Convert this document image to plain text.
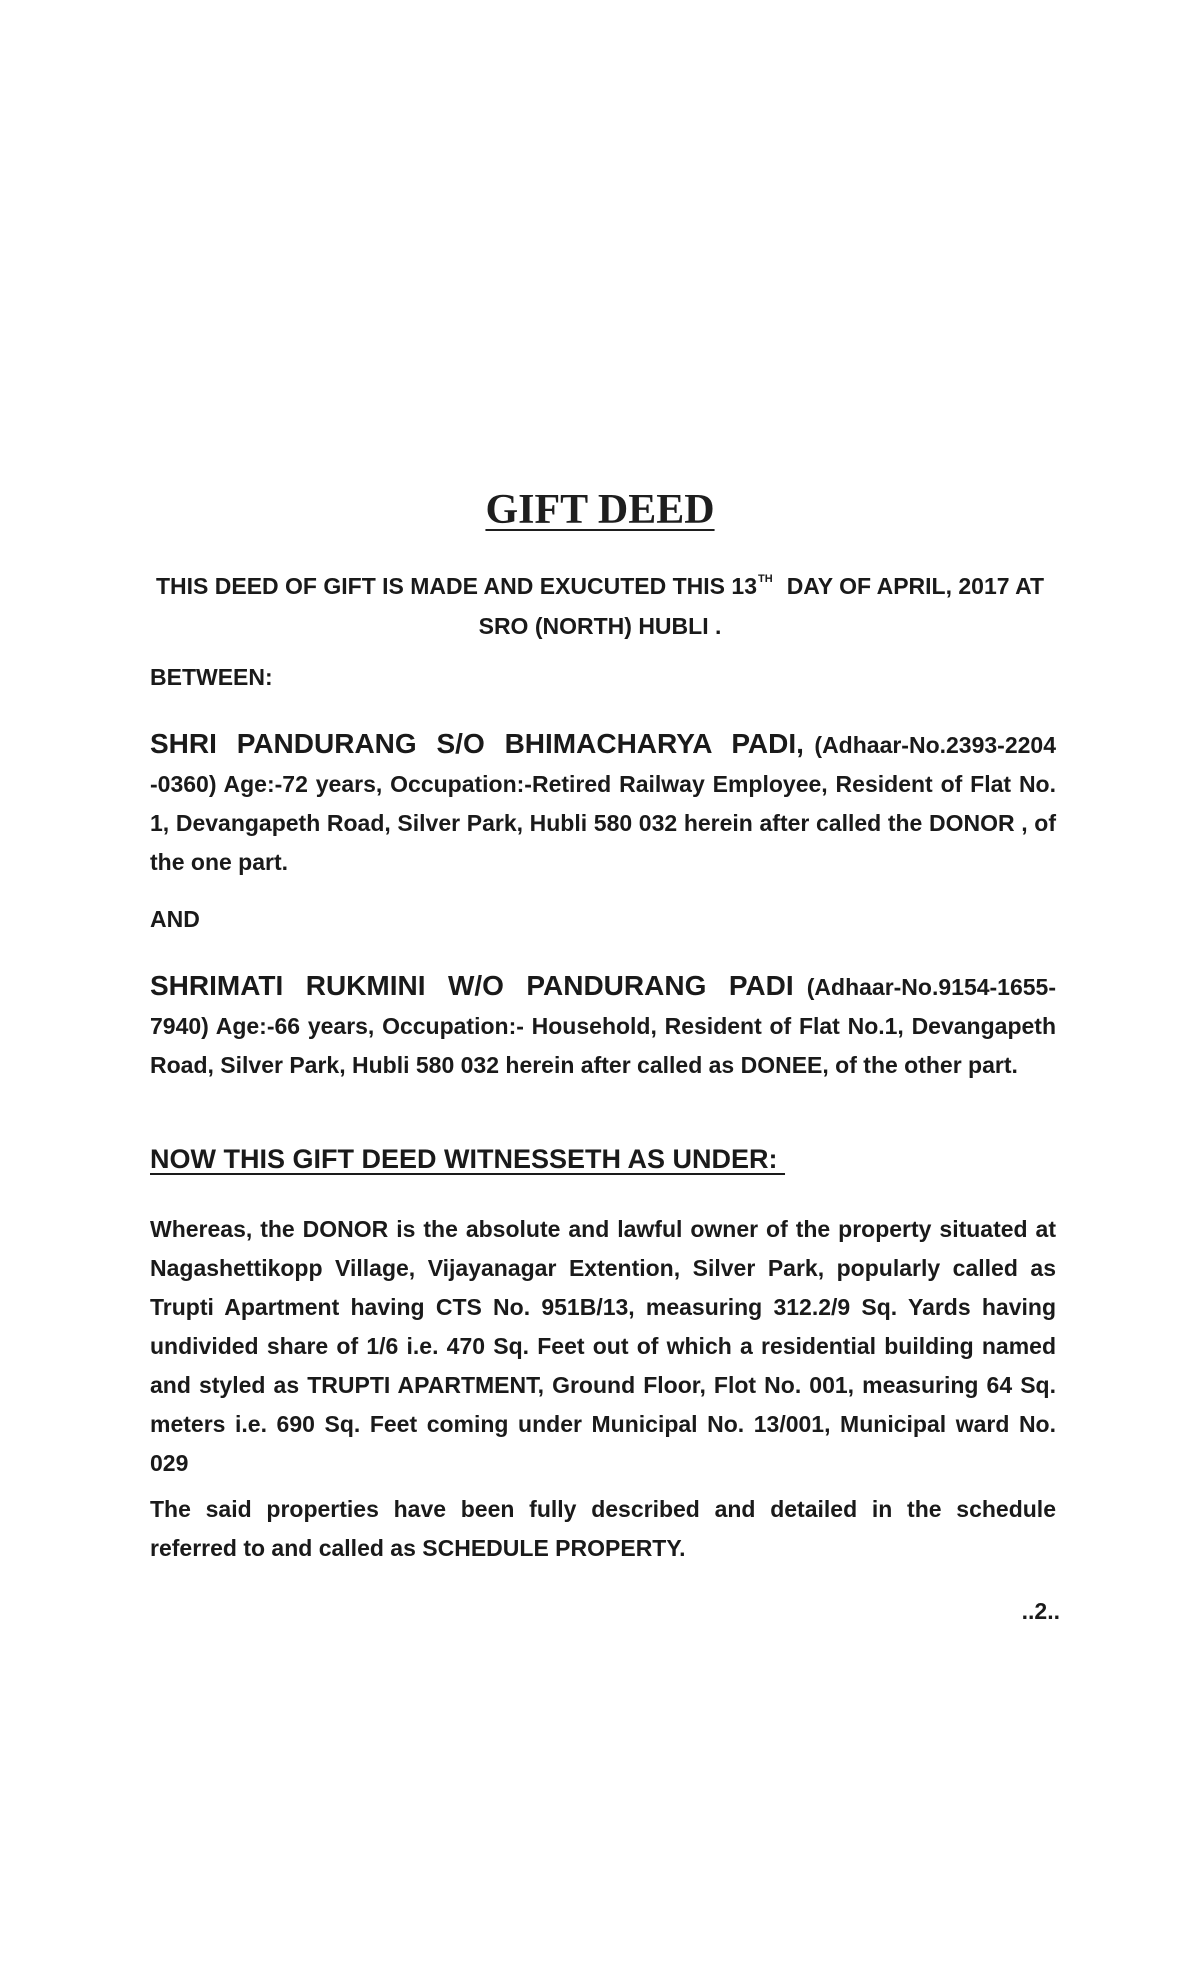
GIFT DEED
THIS DEED OF GIFT IS MADE AND EXUCUTED THIS 13TH DAY OF APRIL, 2017 AT
SRO (NORTH) HUBLI .
BETWEEN:
SHRI PANDURANG S/O BHIMACHARYA PADI, (Adhaar-No.2393-2204 -0360) Age:-72 years, Occupation:-Retired Railway Employee, Resident of Flat No. 1, Devangapeth Road, Silver Park, Hubli 580 032 herein after called the DONOR , of the one part.
AND
SHRIMATI RUKMINI W/O PANDURANG PADI (Adhaar-No.9154-1655-7940) Age:-66 years, Occupation:- Household, Resident of Flat No.1, Devangapeth Road, Silver Park, Hubli 580 032 herein after called as DONEE, of the other part.
NOW THIS GIFT DEED WITNESSETH AS UNDER:
Whereas, the DONOR is the absolute and lawful owner of the property situated at Nagashettikopp Village, Vijayanagar Extention, Silver Park, popularly called as Trupti Apartment having CTS No. 951B/13, measuring 312.2/9 Sq. Yards having undivided share of 1/6 i.e. 470 Sq. Feet out of which a residential building named and styled as TRUPTI APARTMENT, Ground Floor, Flot No. 001, measuring 64 Sq. meters i.e. 690 Sq. Feet coming under Municipal No. 13/001, Municipal ward No. 029
The said properties have been fully described and detailed in the schedule referred to and called as SCHEDULE PROPERTY.
..2..
